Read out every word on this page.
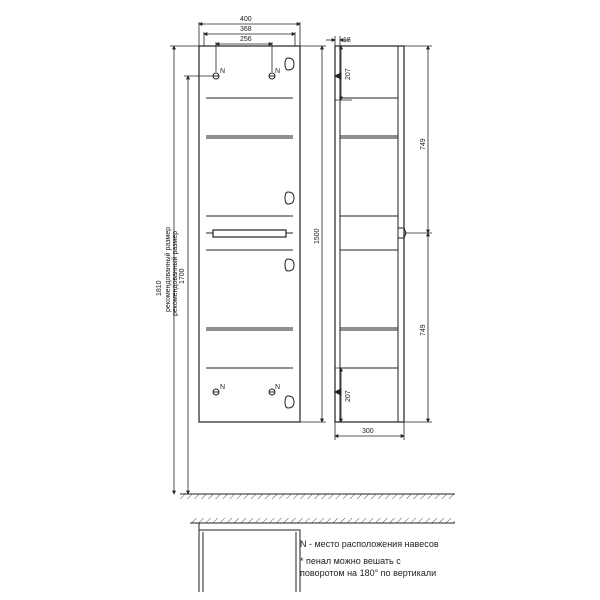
N	N
N	N
400
368
256
1500
1810 рекомендованный размер 1700
рекомендованный размер
18
207
207
749
749
300
N - место расположения навесов
* пенал можно вешать с
поворотом на 180° по вертикали
